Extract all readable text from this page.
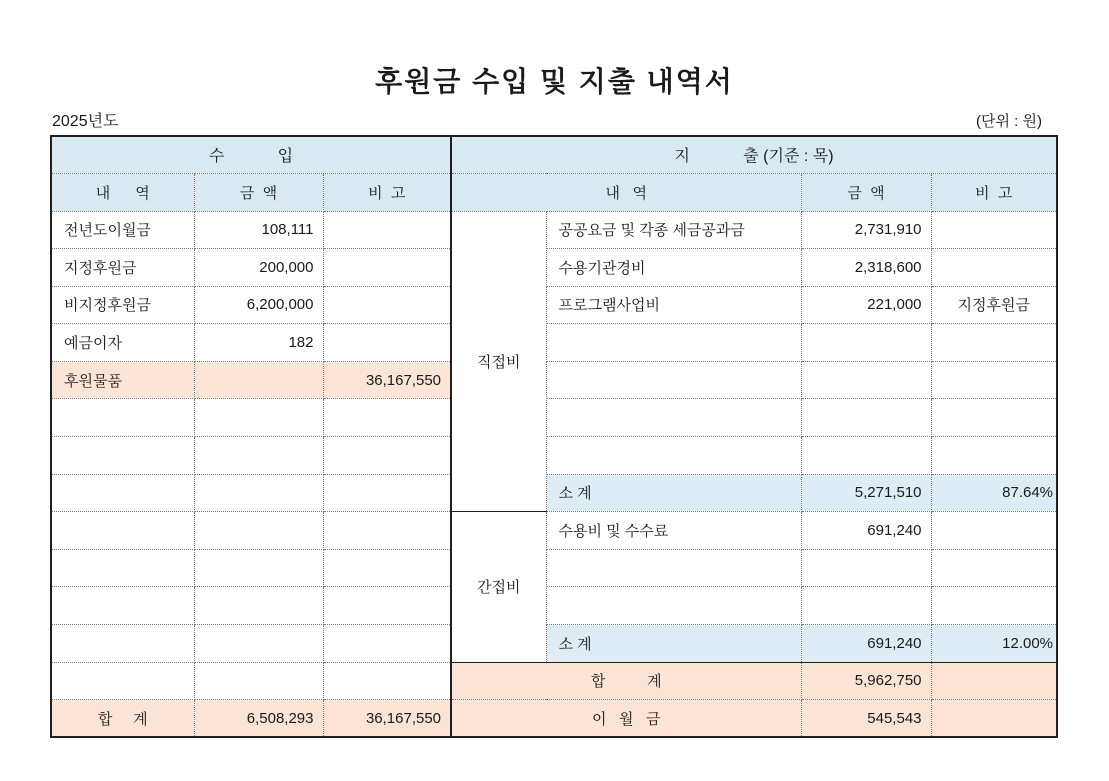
후원금 수입 및 지출 내역서
2025년도	(단위 : 원)
수            입			지            출 (기준 : 목)			
내      역	금  액	비  고	내   역		금  액	비  고
전년도이월금	108,111		직접비	공공요금 및 각종 세금공과금	2,731,910	
지정후원금	200,000			수용기관경비	2,318,600	
비지정후원금	6,200,000			프로그램사업비	221,000	지정후원금
예금이자	182					
후원물품		36,167,550				

				소 계	5,271,510	87.64%
			간접비	수용비 및 수수료	691,240	

				소 계	691,240	12.00%
			합          계		5,962,750	
합     계	6,508,293	36,167,550	이   월   금		545,543	
